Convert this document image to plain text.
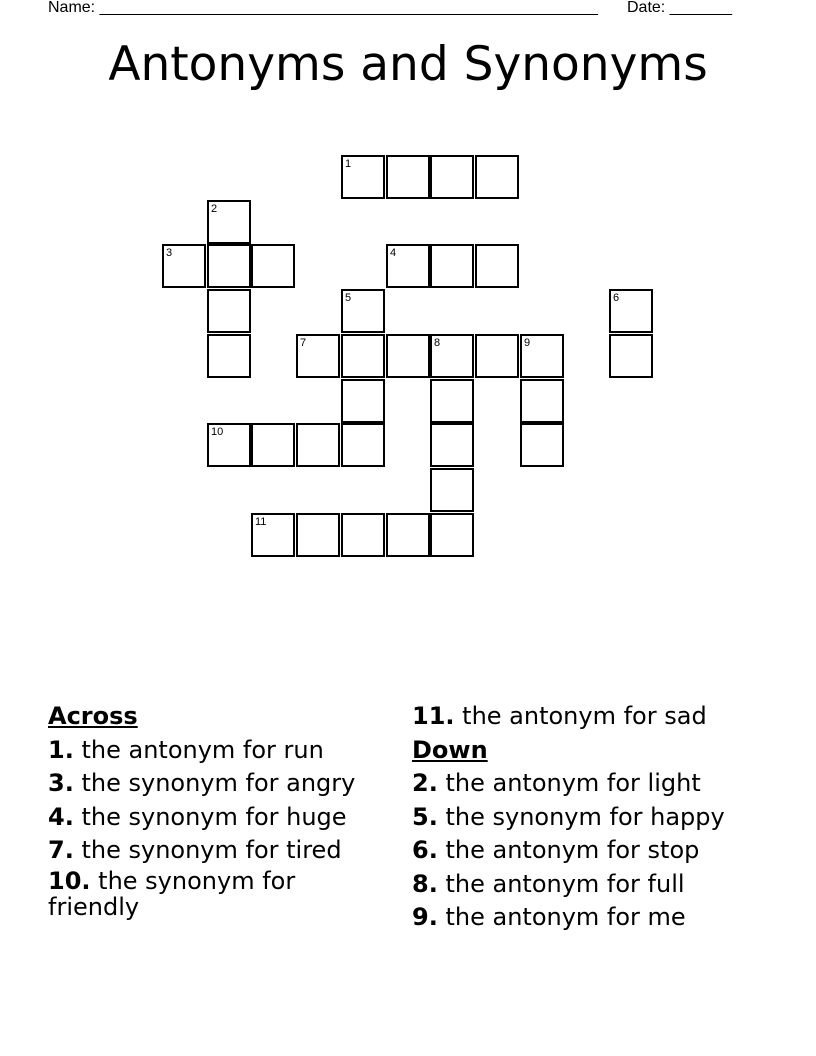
Name: ________________________________________________________ Date: _______
Antonyms and Synonyms
1
2
3	4
5	6
7	8	9
10
11
Across
1. the antonym for run
3. the synonym for angry
4. the synonym for huge
7. the synonym for tired
10. the synonym for friendly
11. the antonym for sad
Down
2. the antonym for light
5. the synonym for happy
6. the antonym for stop
8. the antonym for full
9. the antonym for me
